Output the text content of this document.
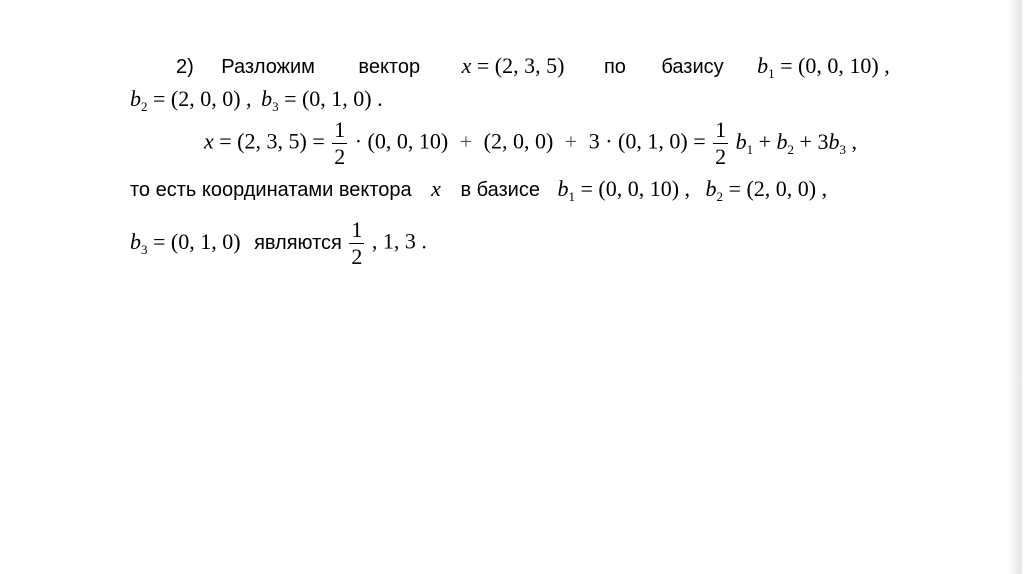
2) Разложим вектор x = (2, 3, 5) по базису $b_1 = (0$, 0, 10) ,
$b_2 = (2$, 0, 0) , $b_3 = (0$, 1, 0) .
x = (2, 3, $5) = \frac{1}{2} \cdot (0$, 0, 10) + (2, 0, 0) + 3 · (0, 1, $0) = \frac{1}{2} b_1 + b_2 + 3b_3$ ,
то есть координатами вектора x в базисе $b_1 = (0$, 0, 10) , $b_2 = (2$, 0, 0) ,
$b_3 = (0$, 1, 0) являются $\frac{1}{2}$ , 1, 3 .
